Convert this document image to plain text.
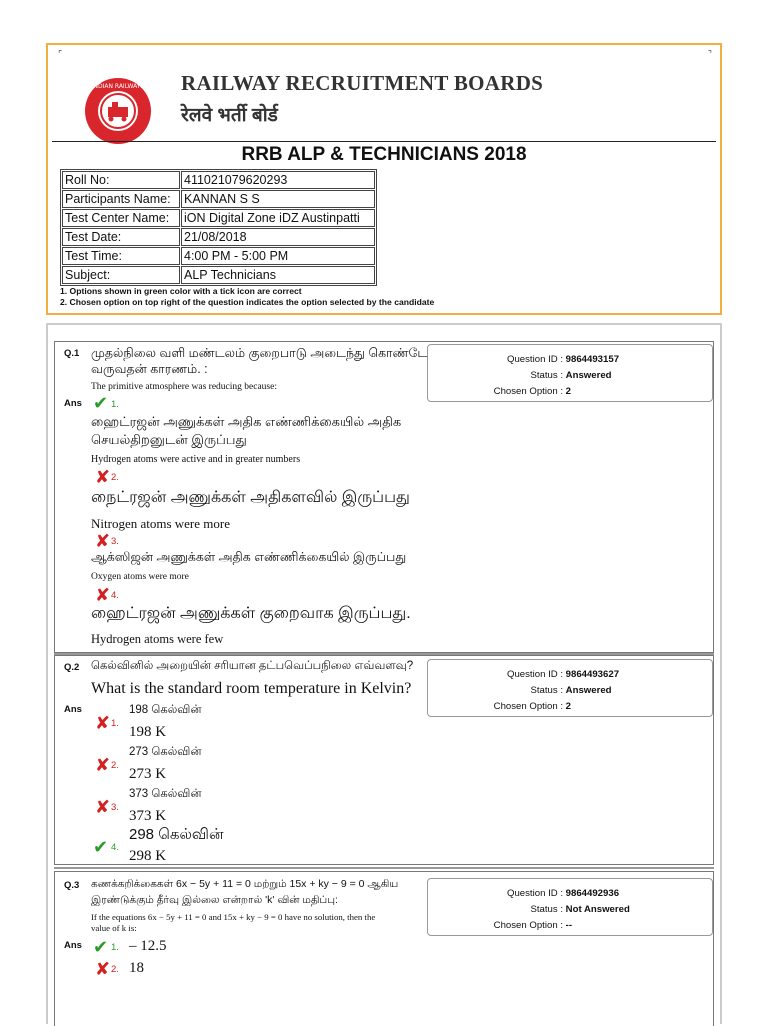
⌜	⌝
• INDIAN RAILWAYS • RAILWAY RECRUITMENT BOARDS
रेलवे भर्ती बोर्ड
RRB ALP & TECHNICIANS 2018
Roll No:	411021079620293
Participants Name:	KANNAN S S
Test Center Name:	iON Digital Zone iDZ Austinpatti
Test Date:	21/08/2018
Test Time:	4:00 PM - 5:00 PM
Subject:	ALP Technicians
1. Options shown in green color with a tick icon are correct
2. Chosen option on top right of the question indicates the option selected by the candidate
Question ID : 9864493157
Status : Answered
Chosen Option : 2
Q.1 முதல்நிலை வளி மண்டலம் குறைபாடு அடைந்து கொண்டே
வருவதன் காரணம். :
The primitive atmosphere was reducing because:
Ans ✔ 1.
ஹைட்ரஜன் அணுக்கள் அதிக எண்ணிக்கையில் அதிக
செயல்திறனுடன் இருப்பது
Hydrogen atoms were active and in greater numbers
✘ 2.
நைட்ரஜன் அணுக்கள் அதிகளவில் இருப்பது
Nitrogen atoms were more
✘ 3.
ஆக்ஸிஜன் அணுக்கள் அதிக எண்ணிக்கையில் இருப்பது
Oxygen atoms were more
✘ 4.
ஹைட்ரஜன் அணுக்கள் குறைவாக இருப்பது.
Hydrogen atoms were few
Question ID : 9864493627
Status : Answered
Chosen Option : 2
Q.2 கெல்வினில் அறையின் சரியான தட்பவெப்பநிலை எவ்வளவு?
What is the standard room temperature in Kelvin?
Ans
✘ 1.
198 கெல்வின்
198 K
✘ 2.
273 கெல்வின்
273 K
✘ 3.
373 கெல்வின்
373 K
✔ 4.
298 கெல்வின்
298 K
Question ID : 9864492936
Status : Not Answered
Chosen Option : --
Q.3 கணக்கறிக்கைகள் 6x − 5y + 11 = 0 மற்றும் 15x + ky − 9 = 0 ஆகிய
இரண்டுக்கும் தீர்வு இல்லை என்றால் 'k' வின் மதிப்பு:
If the equations 6x − 5y + 11 = 0 and 15x + ky − 9 = 0 have no solution, then the
value of k is:
Ans ✔ 1. – 12.5
✘ 2. 18
